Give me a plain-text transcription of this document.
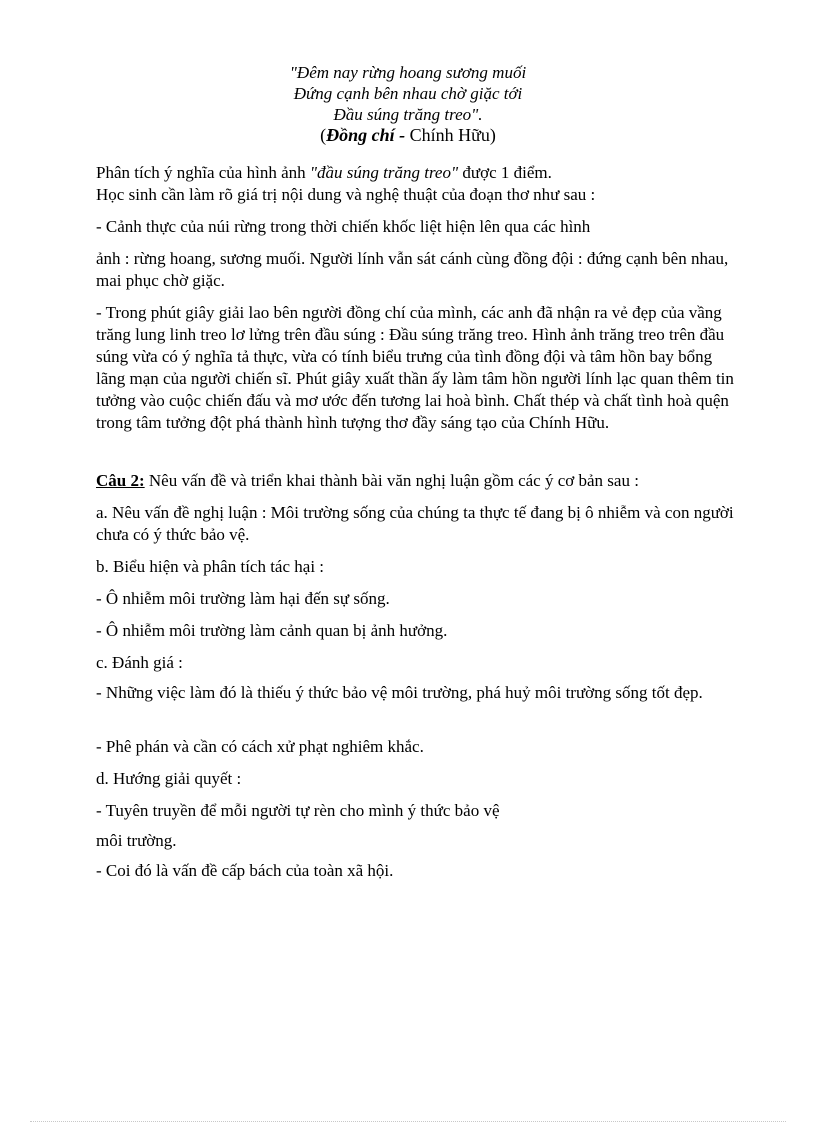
"Đêm nay rừng hoang sương muối
Đứng cạnh bên nhau chờ giặc tới
Đầu súng trăng treo".
(Đồng chí - Chính Hữu)

Phân tích ý nghĩa của hình ảnh "đầu súng trăng treo" được 1 điểm.

Học sinh cần làm rõ giá trị nội dung và nghệ thuật của đoạn thơ như sau :

- Cảnh thực của núi rừng trong thời chiến khốc liệt hiện lên qua các hình

ảnh : rừng hoang, sương muối. Người lính vẫn sát cánh cùng đồng đội : đứng cạnh bên nhau, mai phục chờ giặc.

- Trong phút giây giải lao bên người đồng chí của mình, các anh đã nhận ra vẻ đẹp của vầng trăng lung linh treo lơ lửng trên đầu súng : Đầu súng trăng treo. Hình ảnh trăng treo trên đầu súng vừa có ý nghĩa tả thực, vừa có tính biểu trưng của tình đồng đội và tâm hồn bay bổng lãng mạn của người chiến sĩ. Phút giây xuất thần ấy làm tâm hồn người lính lạc quan thêm tin tưởng vào cuộc chiến đấu và mơ ước đến tương lai hoà bình. Chất thép và chất tình hoà quện trong tâm tưởng đột phá thành hình tượng thơ đầy sáng tạo của Chính Hữu.

Câu 2: Nêu vấn đề và triển khai thành bài văn nghị luận gồm các ý cơ bản sau :

a. Nêu vấn đề nghị luận : Môi trường sống của chúng ta thực tế đang bị ô nhiễm và con người chưa có ý thức bảo vệ.

b. Biểu hiện và phân tích tác hại :

- Ô nhiễm môi trường làm hại đến sự sống.

- Ô nhiễm môi trường làm cảnh quan bị ảnh hưởng.

c. Đánh giá :

- Những việc làm đó là thiếu ý thức bảo vệ môi trường, phá huỷ môi trường sống tốt đẹp.

- Phê phán và cần có cách xử phạt nghiêm khắc.

d. Hướng giải quyết :

- Tuyên truyền để mỗi người tự rèn cho mình ý thức bảo vệ

môi trường.

- Coi đó là vấn đề cấp bách của toàn xã hội.
